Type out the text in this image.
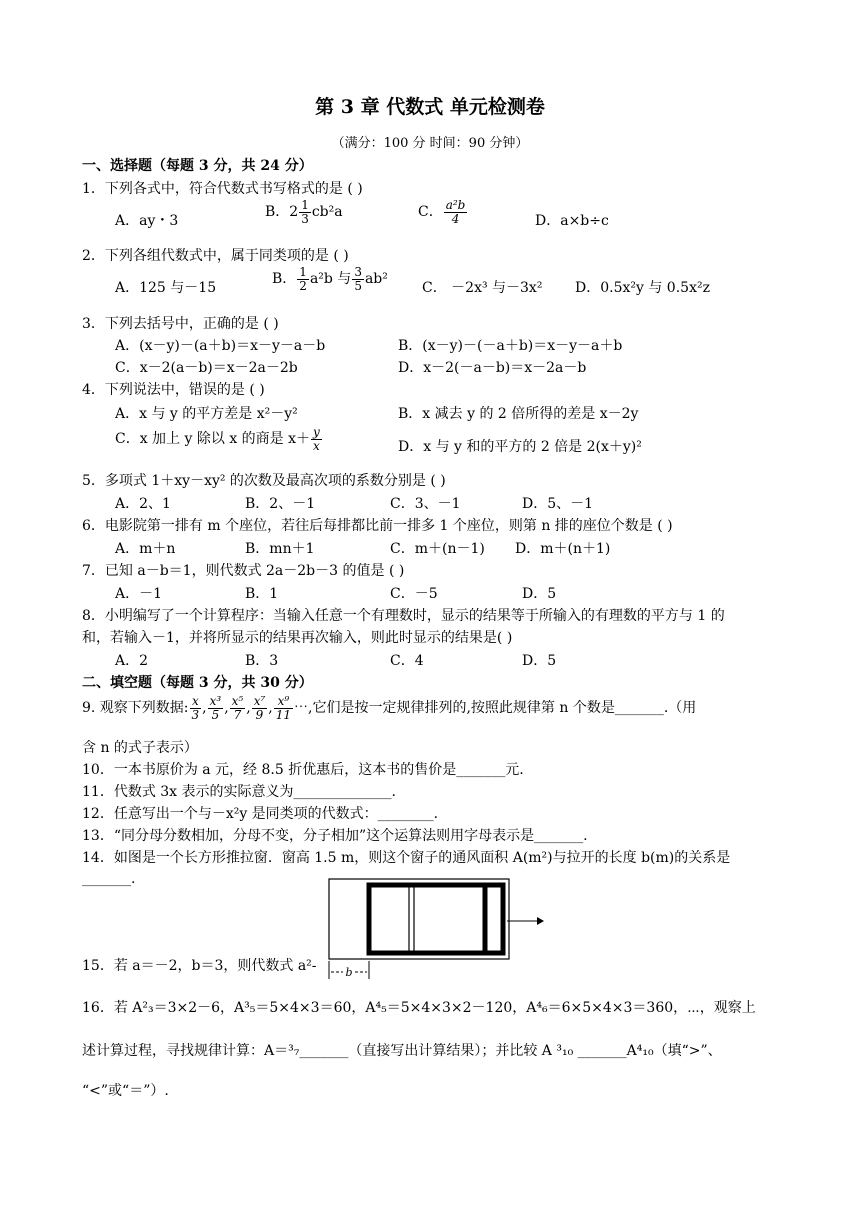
第 3 章 代数式 单元检测卷
（满分：100 分 时间：90 分钟）
一、选择题（每题 3 分，共 24 分）
1．下列各式中，符合代数式书写格式的是 ( )
A．ay・3
B．$2 \frac{1}{3} cb^2a$	C． $\frac{\text{a²b}}{4}$	D．a×b÷c
2．下列各组代数式中，属于同类项的是 ( )
A．125 与－15
B． $\frac{1}{2} a^2b$ 与 $\frac{3}{5} ab^2$
C． －2x³ 与－3x² D．0.5x²y 与 0.5x²z
3．下列去括号中，正确的是 ( )
A．(x－y)－(a＋b)＝x－y－a－b	B．(x－y)－(－a＋b)＝x－y－a＋b
C．x－2(a－b)＝x－2a－2b	D．x－2(－a－b)＝x－2a－b
4．下列说法中，错误的是 ( )
A．x 与 y 的平方差是 x²－y²	B．x 减去 y 的 2 倍所得的差是 x－2y
C．x 加上 y 除以 x 的商是 $x+ \frac{y}{x}$	D．x 与 y 和的平方的 2 倍是 2(x＋y)²
5．多项式 1＋xy－xy² 的次数及最高次项的系数分别是 ( )
A．2、1	B．2、－1	C．3、－1	D．5、－1
6．电影院第一排有 m 个座位，若往后每排都比前一排多 1 个座位，则第 n 排的座位个数是 ( )
A．m＋n	B．mn＋1	C．m＋(n－1) D．m＋(n＋1)
7．已知 a－b＝1，则代数式 2a－2b－3 的值是 ( )
A．－1	B．1	C．－5	D．5
8．小明编写了一个计算程序：当输入任意一个有理数时，显示的结果等于所输入的有理数的平方与 1 的
和，若输入－1，并将所显示的结果再次输入，则此时显示的结果是( )
A．2	B．3	C．4	D．5
二、填空题（每题 3 分，共 30 分）
9. 观察下列数据: $\frac{x}{3}$ , $\frac{\text{x³}}{5}$ , $\frac{\text{x⁵}}{7}$ , $\frac{\text{x⁷}}{9}$ , $\frac{\text{x⁹}}{11}$ ⋯,它们是按一定规律排列的,按照此规律第 n 个数是_______.（用
含 n 的式子表示）
10．一本书原价为 a 元，经 8.5 折优惠后，这本书的售价是_______元.
11．代数式 3x 表示的实际意义为______________.
12．任意写出一个与－x²y 是同类项的代数式：________.
13．“同分母分数相加，分母不变，分子相加”这个运算法则用字母表示是_______.
14．如图是一个长方形推拉窗．窗高 1.5 m，则这个窗子的通风面积 A(m²)与拉开的长度 b(m)的关系是
_______.
b
15．若 a＝－2，b＝3，则代数式 a²-
16．若 A²₃＝3×2－6，A³₅＝5×4×3＝60，A⁴₅＝5×4×3×2－120，A⁴₆＝6×5×4×3＝360，⋯，观察上
述计算过程，寻找规律计算：A＝³₇_______（直接写出计算结果）；并比较 A ³₁₀ _______A⁴₁₀（填“>”、
“<”或“＝”）.
